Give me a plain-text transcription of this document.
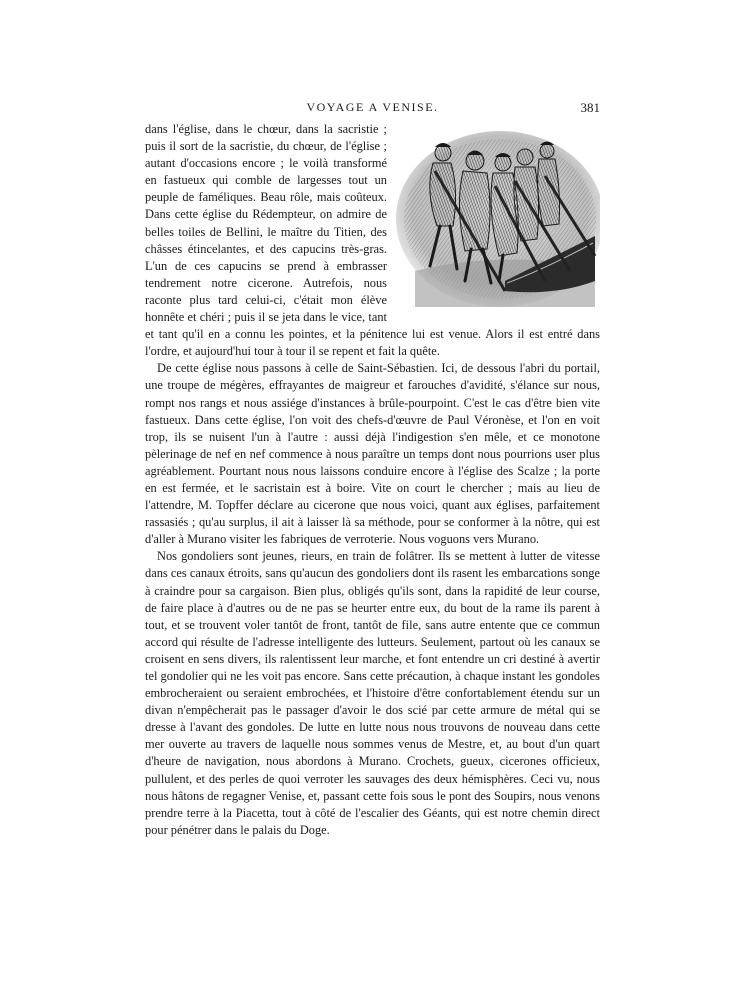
VOYAGE A VENISE.	381

dans l'église, dans le chœur, dans la sacristie ; puis il sort de la sacristie, du chœur, de l'église ; autant d'occasions encore ; le voilà transformé en fastueux qui comble de largesses tout un peuple de faméliques. Beau rôle, mais coûteux. Dans cette église du Rédempteur, on admire de belles toiles de Bellini, le maître du Titien, des châsses étincelantes, et des capucins très-gras. L'un de ces capucins se prend à embrasser tendrement notre cicerone. Autrefois, nous raconte plus tard celui-ci, c'était mon élève honnête et chéri ; puis il se jeta dans le vice, tant et tant qu'il en a connu les pointes, et la pénitence lui est venue. Alors il est entré dans l'ordre, et aujourd'hui tour à tour il se repent et fait la quête.

De cette église nous passons à celle de Saint-Sébastien. Ici, de dessous l'abri du portail, une troupe de mégères, effrayantes de maigreur et farouches d'avidité, s'élance sur nous, rompt nos rangs et nous assiége d'instances à brûle-pourpoint. C'est le cas d'être bien vite fastueux. Dans cette église, l'on voit des chefs-d'œuvre de Paul Véronèse, et l'on en voit trop, ils se nuisent l'un à l'autre : aussi déjà l'indigestion s'en mêle, et ce monotone pèlerinage de nef en nef commence à nous paraître un temps dont nous pourrions user plus agréablement. Pourtant nous nous laissons conduire encore à l'église des Scalze ; la porte en est fermée, et le sacristain est à boire. Vite on court le chercher ; mais au lieu de l'attendre, M. Topffer déclare au cicerone que nous voici, quant aux églises, parfaitement rassasiés ; qu'au surplus, il ait à laisser là sa méthode, pour se conformer à la nôtre, qui est d'aller à Murano visiter les fabriques de verroterie. Nous voguons vers Murano.

Nos gondoliers sont jeunes, rieurs, en train de folâtrer. Ils se mettent à lutter de vitesse dans ces canaux étroits, sans qu'aucun des gondoliers dont ils rasent les embarcations songe à craindre pour sa cargaison. Bien plus, obligés qu'ils sont, dans la rapidité de leur course, de faire place à d'autres ou de ne pas se heurter entre eux, du bout de la rame ils parent à tout, et se trouvent voler tantôt de front, tantôt de file, sans autre entente que ce commun accord qui résulte de l'adresse intelligente des lutteurs. Seulement, partout où les canaux se croisent en sens divers, ils ralentissent leur marche, et font entendre un cri destiné à avertir tel gondolier qui ne les voit pas encore. Sans cette précaution, à chaque instant les gondoles embrocheraient ou seraient embrochées, et l'histoire d'être confortablement étendu sur un divan n'empêcherait pas le passager d'avoir le dos scié par cette armure de métal qui se dresse à l'avant des gondoles. De lutte en lutte nous nous trouvons de nouveau dans cette mer ouverte au travers de laquelle nous sommes venus de Mestre, et, au bout d'un quart d'heure de navigation, nous abordons à Murano. Crochets, gueux, cicerones officieux, pullulent, et des perles de quoi verroter les sauvages des deux hémisphères. Ceci vu, nous nous hâtons de regagner Venise, et, passant cette fois sous le pont des Soupirs, nous venons prendre terre à la Piacetta, tout à côté de l'escalier des Géants, qui est notre chemin direct pour pénétrer dans le palais du Doge.
